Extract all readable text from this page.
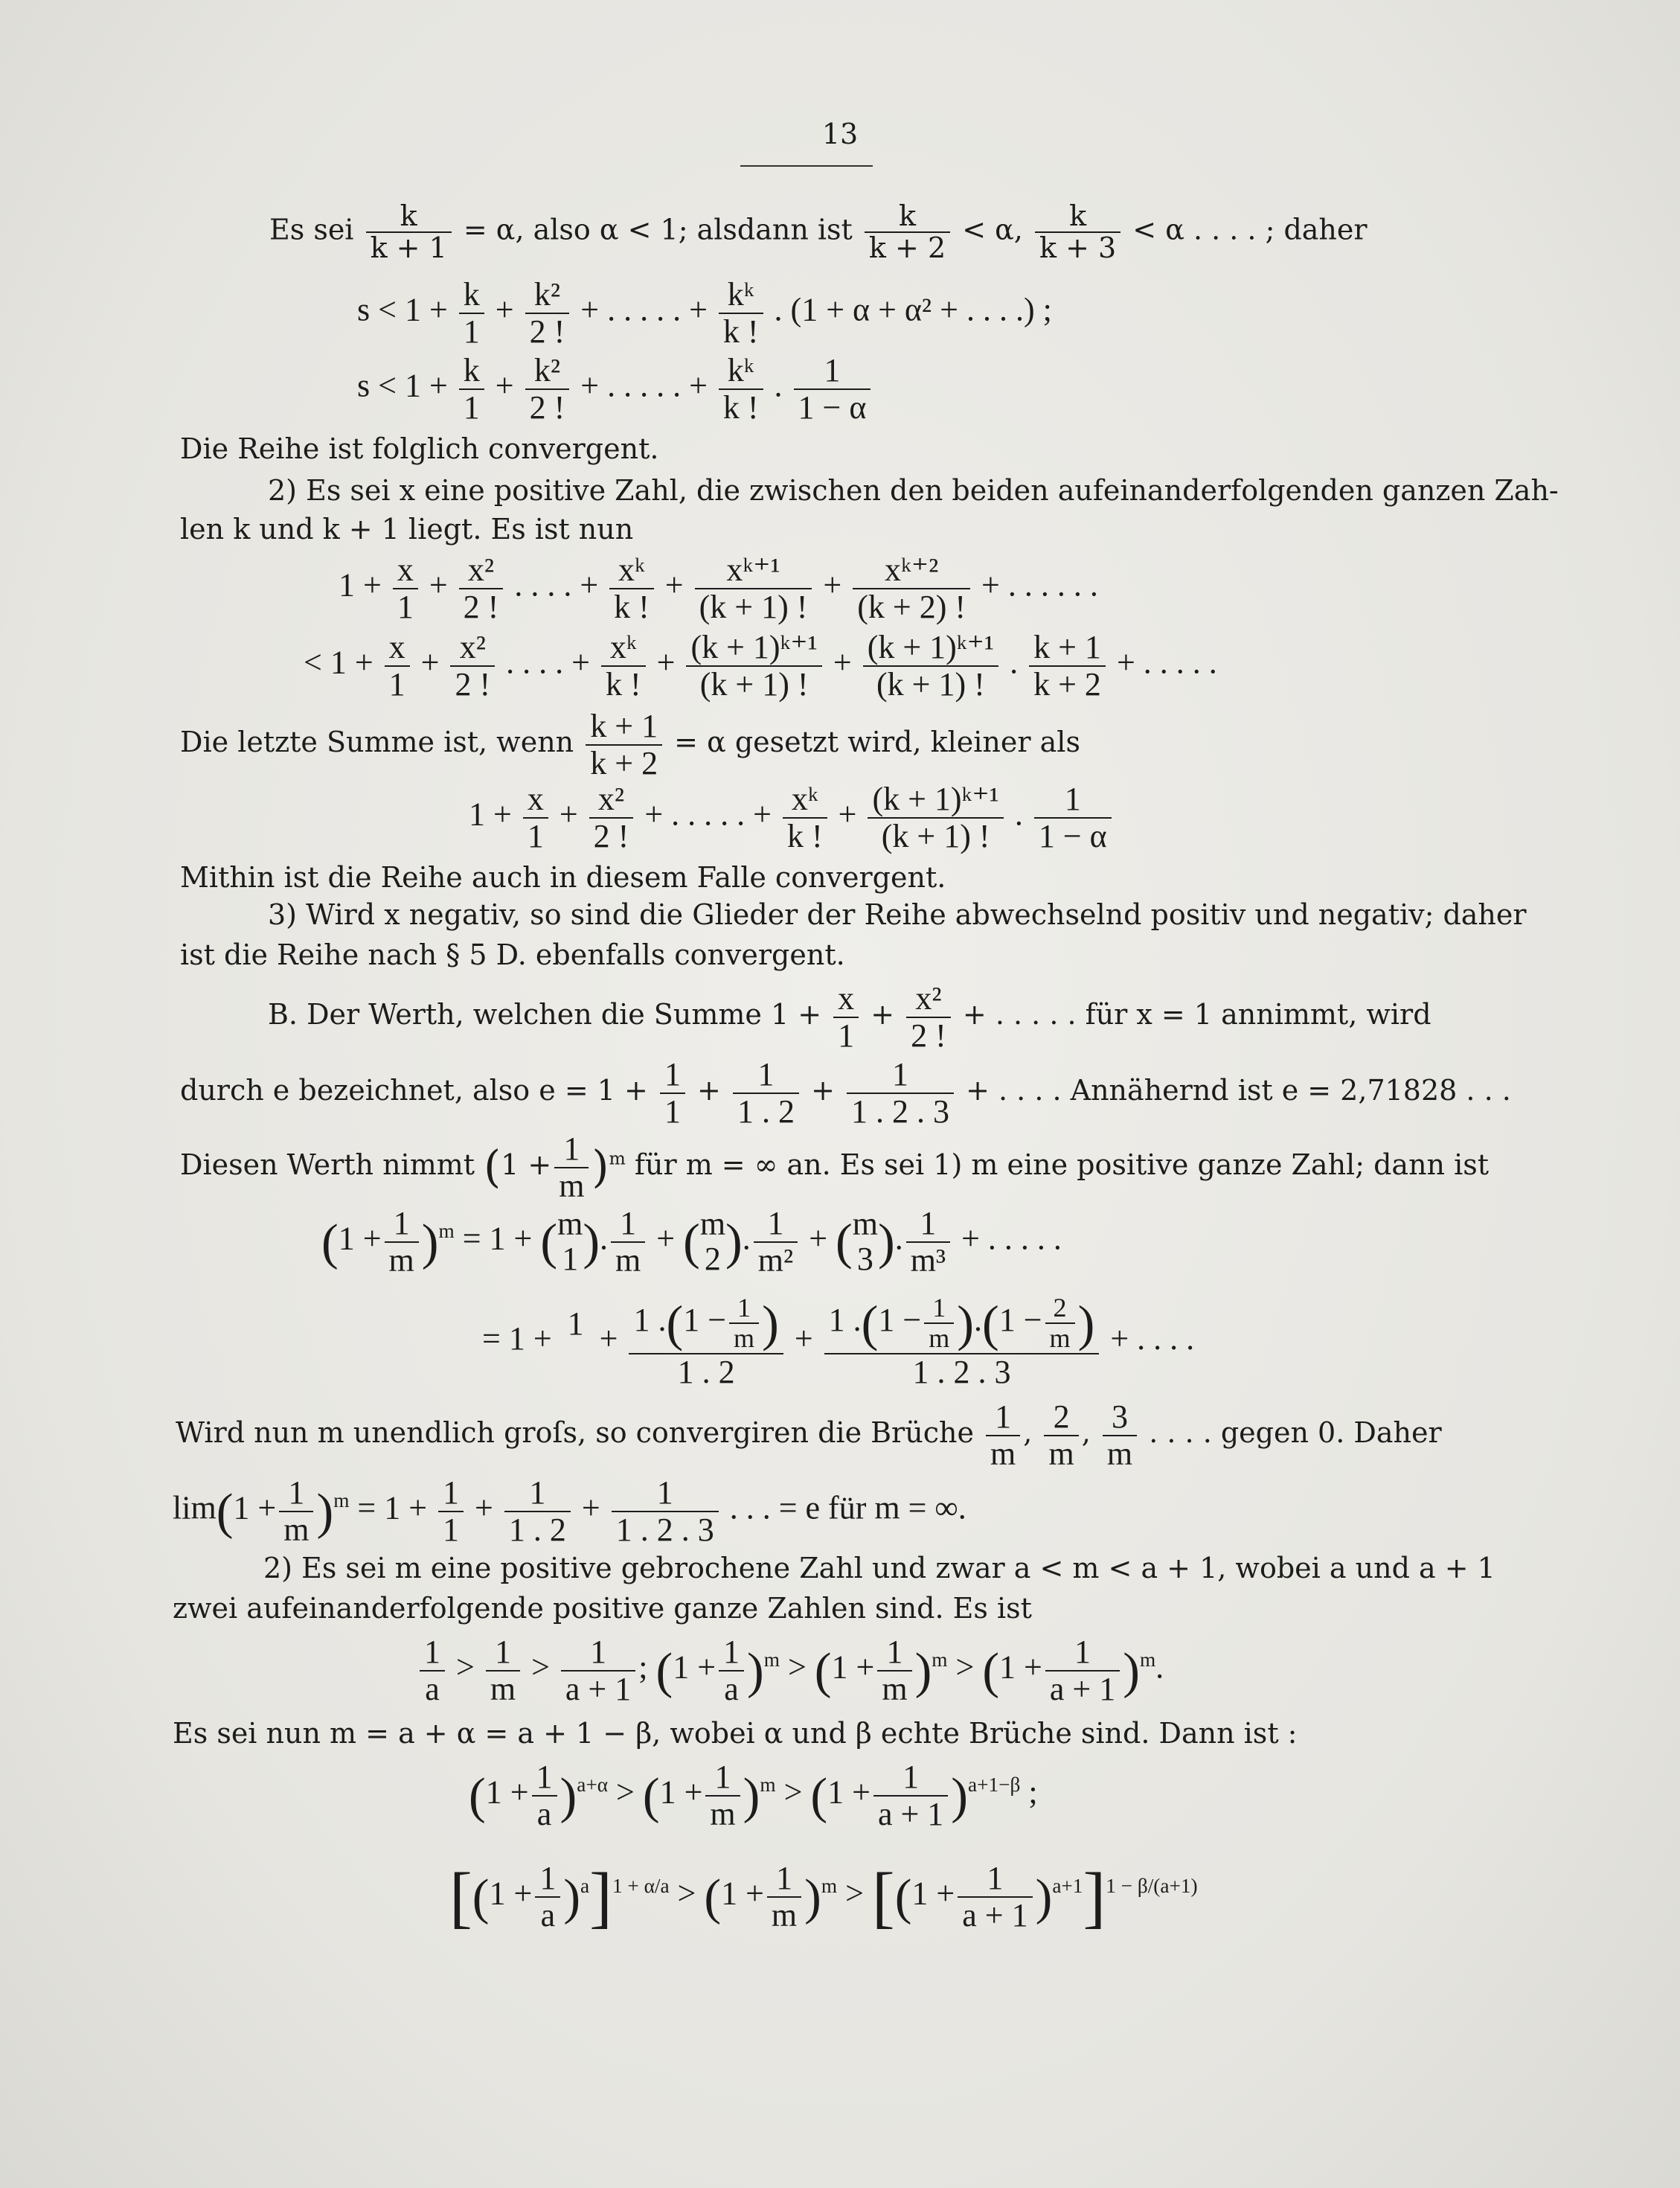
13
Es sei $\frac{k}{k + 1} = \alpha$, also α < 1; alsdann ist $\frac{k}{k + 2} < \alpha$, $\frac{k}{k + 3} < \alpha$ . . . . ; daher
$s < 1 + \frac{k}{1} + \frac{\text{k²}}{2 !}$ + . . . . . + $\frac{\text{kᵏ}}{k !}$ . (1 + α + α² + . . . .) ;
$s < 1 + \frac{k}{1} + \frac{\text{k²}}{2 !}$ + . . . . . + $\frac{\text{kᵏ}}{k !}$ . $\frac{1}{1 - \alpha}$
Die Reihe ist folglich convergent.
2) Es sei x eine positive Zahl, die zwischen den beiden aufeinanderfolgenden ganzen Zah-
len k und k + 1 liegt. Es ist nun
$1 + \frac{x}{1} + \frac{\text{x²}}{2 !}$ . . . . + $\frac{\text{xᵏ}}{k !} + \frac{\text{xᵏ⁺¹}}{(k + 1) !} + \frac{\text{xᵏ⁺²}}{(k + 2) !}$ + . . . . . .
< $1 + \frac{x}{1} + \frac{\text{x²}}{2 !}$ . . . . + $\frac{\text{xᵏ}}{k !} + \frac{\text{(k + 1)ᵏ⁺¹}}{(k + 1) !} + \frac{\text{(k + 1)ᵏ⁺¹}}{(k + 1) !}$ . $\frac{k + 1}{k + 2}$ + . . . . .
Die letzte Summe ist, wenn $\frac{k + 1}{k + 2} = \alpha$ gesetzt wird, kleiner als
$1 + \frac{x}{1} + \frac{\text{x²}}{2 !}$ + . . . . . + $\frac{\text{xᵏ}}{k !} + \frac{\text{(k + 1)ᵏ⁺¹}}{(k + 1) !}$ . $\frac{1}{1 - \alpha}$
Mithin ist die Reihe auch in diesem Falle convergent.
3) Wird x negativ, so sind die Glieder der Reihe abwechselnd positiv und negativ; daher
ist die Reihe nach § 5 D. ebenfalls convergent.
B. Der Werth, welchen die Summe $1 + \frac{x}{1} + \frac{\text{x²}}{2 !}$ + . . . . . für x = 1 annimmt, wird
durch e bezeichnet, also $e = 1 + \frac{1}{1} + \frac{1}{1 . 2} + \frac{1}{1 . 2 . 3}$ + . . . . Annähernd ist e = 2,71828 . . .
Diesen Werth nimmt $(1 + \frac{1}{m} )^m$ für m = ∞ an. Es sei 1) m eine positive ganze Zahl; dann ist
$(1 + \frac{1}{m} )^m = 1 + (m$
1). $\frac{1}{m} + (m$
2). $\frac{1}{\text{m²}} + (m$
3). $\frac{1}{\text{m³}}$ + . . . . .
= 1 + 1
+ $\frac{1 .(1 - \frac{1}{m} )}{1 . 2} + \frac{1 .(1 - \frac{1}{m} ).(1 - \frac{2}{m} )}{1 . 2 . 3}$ + . . . .
Wird nun m unendlich groſs, so convergiren die Brüche $\frac{1}{m}$ , $\frac{2}{m}$ , $\frac{3}{m}$ . . . . gegen 0. Daher
$\lim(1 + \frac{1}{m} )^m = 1 + \frac{1}{1} + \frac{1}{1 . 2} + \frac{1}{1 . 2 . 3}$ . . . = e für m = ∞.
2) Es sei m eine positive gebrochene Zahl und zwar a < m < a + 1, wobei a und a + 1
zwei aufeinanderfolgende positive ganze Zahlen sind. Es ist
$\frac{1}{a} > \frac{1}{m} > \frac{1}{a + 1}$ ; $(1 + \frac{1}{a} )^m > (1 + \frac{1}{m} )^m > (1 + \frac{1}{a + 1} )^m$.
Es sei nun m = a + α = a + 1 − β, wobei α und β echte Brüche sind. Dann ist :
$(1 + \frac{1}{a} )^{a+\alpha} > (1 + \frac{1}{m} )^m > (1 + \frac{1}{a + 1} )^{a+1-\beta}$ ;
$[(1 + \frac{1}{a} )^a]^{1 + \alpha/a} > (1 + \frac{1}{m} )^m > [(1 + \frac{1}{a + 1} )^{a+1}]^{1 - \beta/(a+1)}$
